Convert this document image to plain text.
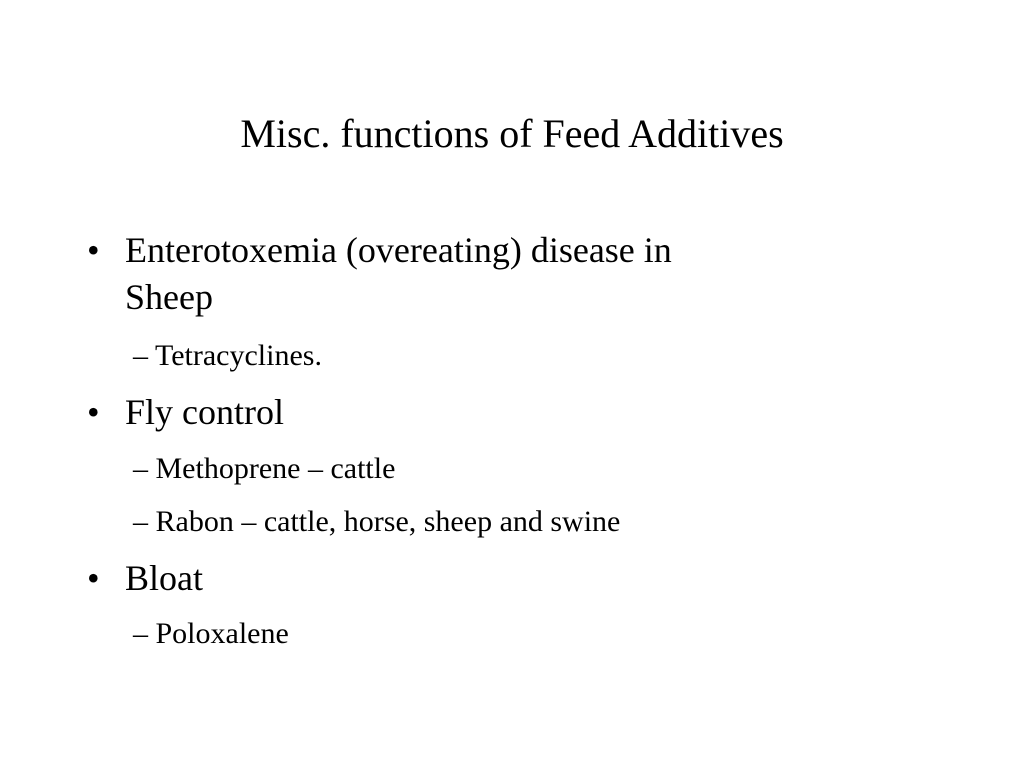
Misc. functions of Feed Additives
• Enterotoxemia (overeating) disease in
Sheep
– Tetracyclines.
• Fly control
– Methoprene – cattle
– Rabon – cattle, horse, sheep and swine
• Bloat
– Poloxalene
